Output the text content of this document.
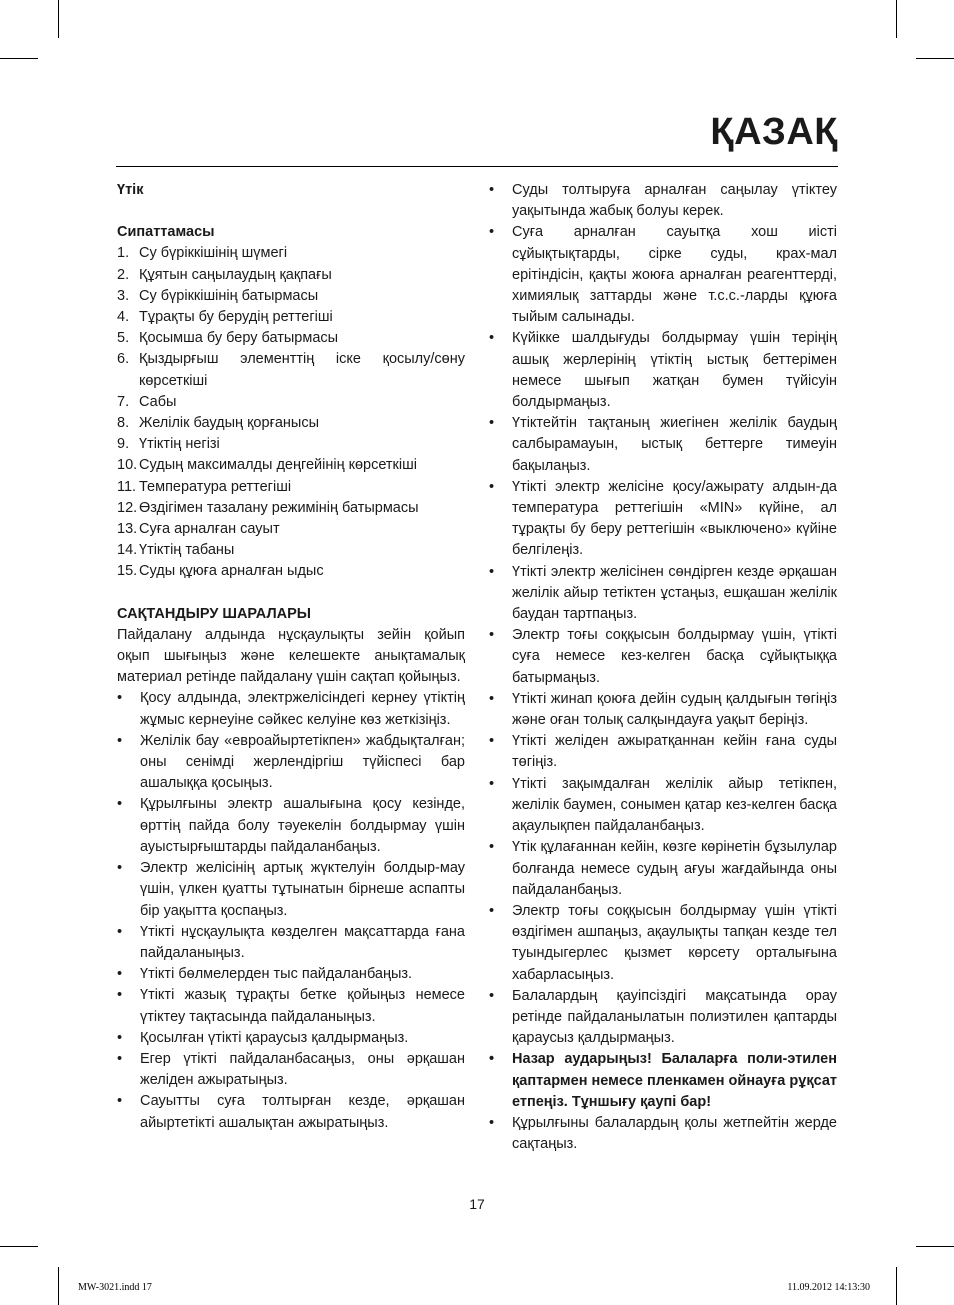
ҚАЗАҚ

Үтік

Сипаттамасы

1. Су бүріккішінің шүмегі
2. Құятын саңылаудың қақпағы
3. Су бүріккішінің батырмасы
4. Тұрақты бу берудің реттегіші
5. Қосымша бу беру батырмасы
6. Қыздырғыш элементтің іске қосылу/сөну көрсеткіші
7. Сабы
8. Желілік баудың қорғанысы
9. Үтіктің негізі
10. Судың максималды деңгейінің көрсеткіші
11. Температура реттегіші
12. Өздігімен тазалану режимінің батырмасы
13. Суға арналған сауыт
14. Үтіктің табаны
15. Суды құюға арналған ыдыс

САҚТАНДЫРУ ШАРАЛАРЫ

Пайдалану алдында нұсқаулықты зейін қойып оқып шығыңыз және келешекте анықтамалық материал ретінде пайдалану үшін сақтап қойыңыз.

• Қосу алдында, электржелісіндегі кернеу үтіктің жұмыс кернеуіне сәйкес келуіне көз жеткізіңіз.
• Желілік бау «евроайыртетікпен» жабдықталған; оны сенімді жерлендіргіш түйіспесі бар ашалыққа қосыңыз.
• Құрылғыны электр ашалығына қосу кезінде, өрттің пайда болу тәуекелін болдырмау үшін ауыстырғыштарды пайдаланбаңыз.
• Электр желісінің артық жүктелуін болдыр-мау үшін, үлкен қуатты тұтынатын бірнеше аспапты бір уақытта қоспаңыз.
• Үтікті нұсқаулықта көзделген мақсаттарда ғана пайдаланыңыз.
• Үтікті бөлмелерден тыс пайдаланбаңыз.
• Үтікті жазық тұрақты бетке қойыңыз немесе үтіктеу тақтасында пайдаланыңыз.
• Қосылған үтікті қараусыз қалдырмаңыз.
• Егер үтікті пайдаланбасаңыз, оны әрқашан желіден ажыратыңыз.
• Сауытты суға толтырған кезде, әрқашан айыртетікті ашалықтан ажыратыңыз.
• Суды толтыруға арналған саңылау үтіктеу уақытында жабық болуы керек.
• Суға арналған сауытқа хош иісті сұйықтықтарды, сірке суды, крах-мал ерітіндісін, қақты жоюға арналған реагенттерді, химиялық заттарды және т.с.с.-ларды құюға тыйым салынады.
• Күйікке шалдығуды болдырмау үшін теріңің ашық жерлерінің үтіктің ыстық беттерімен немесе шығып жатқан бумен түйісуін болдырмаңыз.
• Үтіктейтін тақтаның жиегінен желілік баудың салбырамауын, ыстық беттерге тимеуін бақылаңыз.
• Үтікті электр желісіне қосу/ажырату алдын-да температура реттегішін «MIN» күйіне, ал тұрақты бу беру реттегішін «выключено» күйіне белгілеңіз.
• Үтікті электр желісінен сөндірген кезде әрқашан желілік айыр тетіктен ұстаңыз, ешқашан желілік баудан тартпаңыз.
• Электр тоғы соққысын болдырмау үшін, үтікті суға немесе кез-келген басқа сұйықтыққа батырмаңыз.
• Үтікті жинап қоюға дейін судың қалдығын төгіңіз және оған толық салқындауға уақыт беріңіз.
• Үтікті желіден ажыратқаннан кейін ғана суды төгіңіз.
• Үтікті зақымдалған желілік айыр тетікпен, желілік баумен, сонымен қатар кез-келген басқа ақаулықпен пайдаланбаңыз.
• Үтік құлағаннан кейін, көзге көрінетін бұзылулар болғанда немесе судың ағуы жағдайында оны пайдаланбаңыз.
• Электр тоғы соққысын болдырмау үшін үтікті өздігімен ашпаңыз, ақаулықты тапқан кезде тел туындыгерлес қызмет көрсету орталығына хабарласыңыз.
• Балалардың қауіпсіздігі мақсатында орау ретінде пайдаланылатын полиэтилен қаптарды қараусыз қалдырмаңыз.
• Назар аударыңыз! Балаларға поли-этилен қаптармен немесе пленкамен ойнауға рұқсат етпеңіз. Тұншығу қаупі бар!
• Құрылғыны балалардың қолы жетпейтін жерде сақтаңыз.
17
MW-3021.indd 17	11.09.2012 14:13:30
